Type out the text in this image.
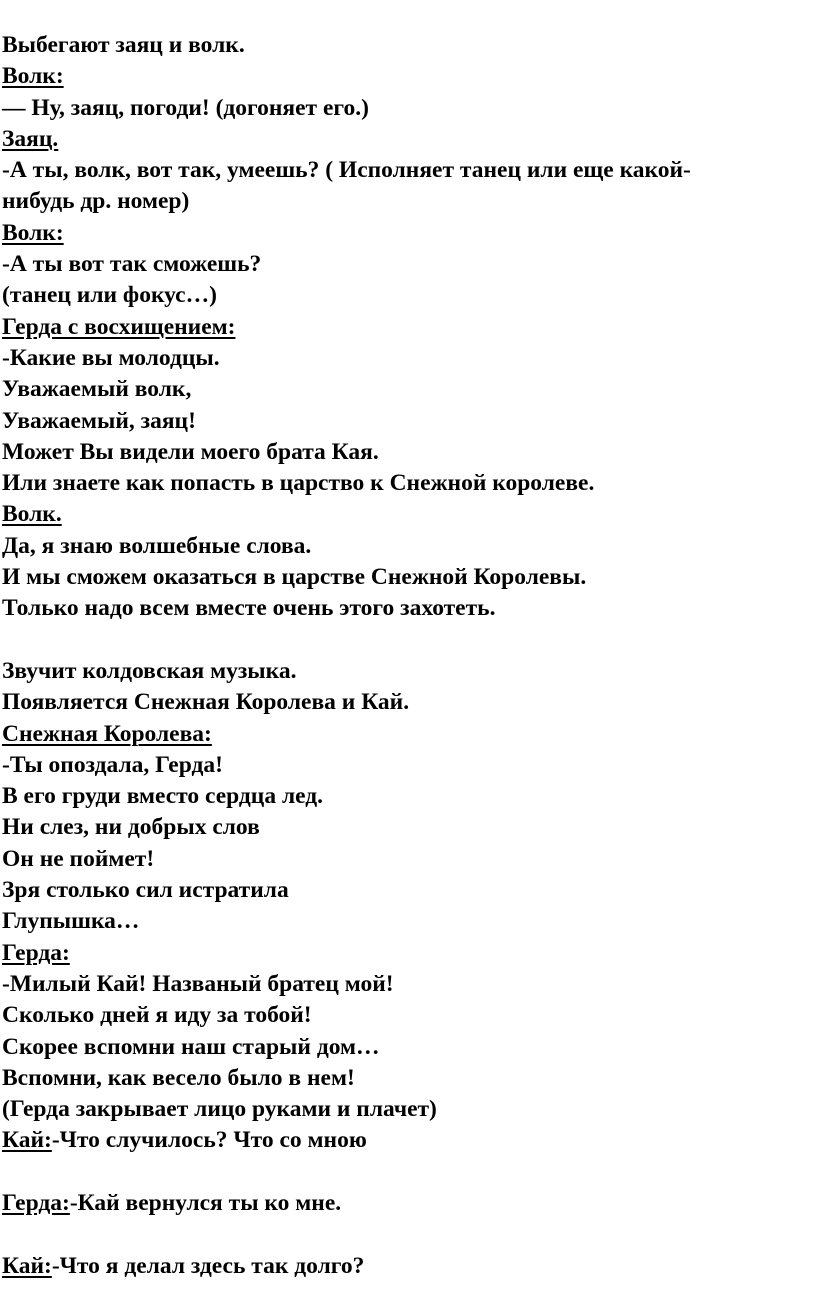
Выбегают заяц и волк.
Волк:
— Ну, заяц, погоди! (догоняет его.)
Заяц.
-А ты, волк, вот так, умеешь? ( Исполняет танец или еще какой-
нибудь др. номер)
Волк:
-А ты вот так сможешь?
(танец или фокус…)
Герда с восхищением:
-Какие вы молодцы.
Уважаемый волк,
Уважаемый, заяц!
Может Вы видели моего брата Кая.
Или знаете как попасть в царство к Снежной королеве.
Волк.
Да, я знаю волшебные слова.
И мы сможем оказаться в царстве Снежной Королевы.
Только надо всем вместе очень этого захотеть.
Звучит колдовская музыка.
Появляется Снежная Королева и Кай.
Снежная Королева:
-Ты опоздала, Герда!
В его груди вместо сердца лед.
Ни слез, ни добрых слов
Он не поймет!
Зря столько сил истратила
Глупышка…
Герда:
-Милый Кай! Названый братец мой!
Сколько дней я иду за тобой!
Скорее вспомни наш старый дом…
Вспомни, как весело было в нем!
(Герда закрывает лицо руками и плачет)
Кай:-Что случилось? Что со мною
Герда:-Кай вернулся ты ко мне.
Кай:-Что я делал здесь так долго?
